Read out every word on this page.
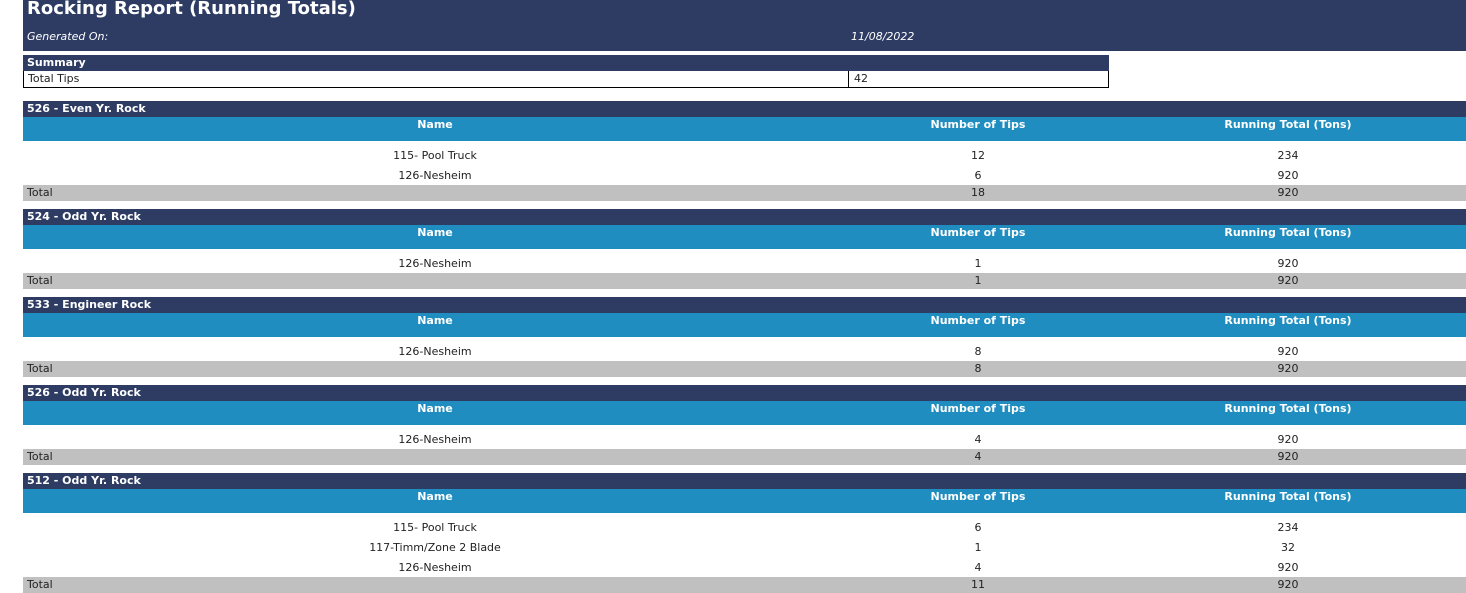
Rocking Report (Running Totals)
Generated On:	11/08/2022
Summary
Total Tips	42
526 - Even Yr. Rock
Name	Number of Tips	Running Total (Tons)
115- Pool Truck	12	234
126-Nesheim	6	920
Total	18	920
524 - Odd Yr. Rock
Name	Number of Tips	Running Total (Tons)
126-Nesheim	1	920
Total	1	920
533 - Engineer Rock
Name	Number of Tips	Running Total (Tons)
126-Nesheim	8	920
Total	8	920
526 - Odd Yr. Rock
Name	Number of Tips	Running Total (Tons)
126-Nesheim	4	920
Total	4	920
512 - Odd Yr. Rock
Name	Number of Tips	Running Total (Tons)
115- Pool Truck	6	234
117-Timm/Zone 2 Blade	1	32
126-Nesheim	4	920
Total	11	920
